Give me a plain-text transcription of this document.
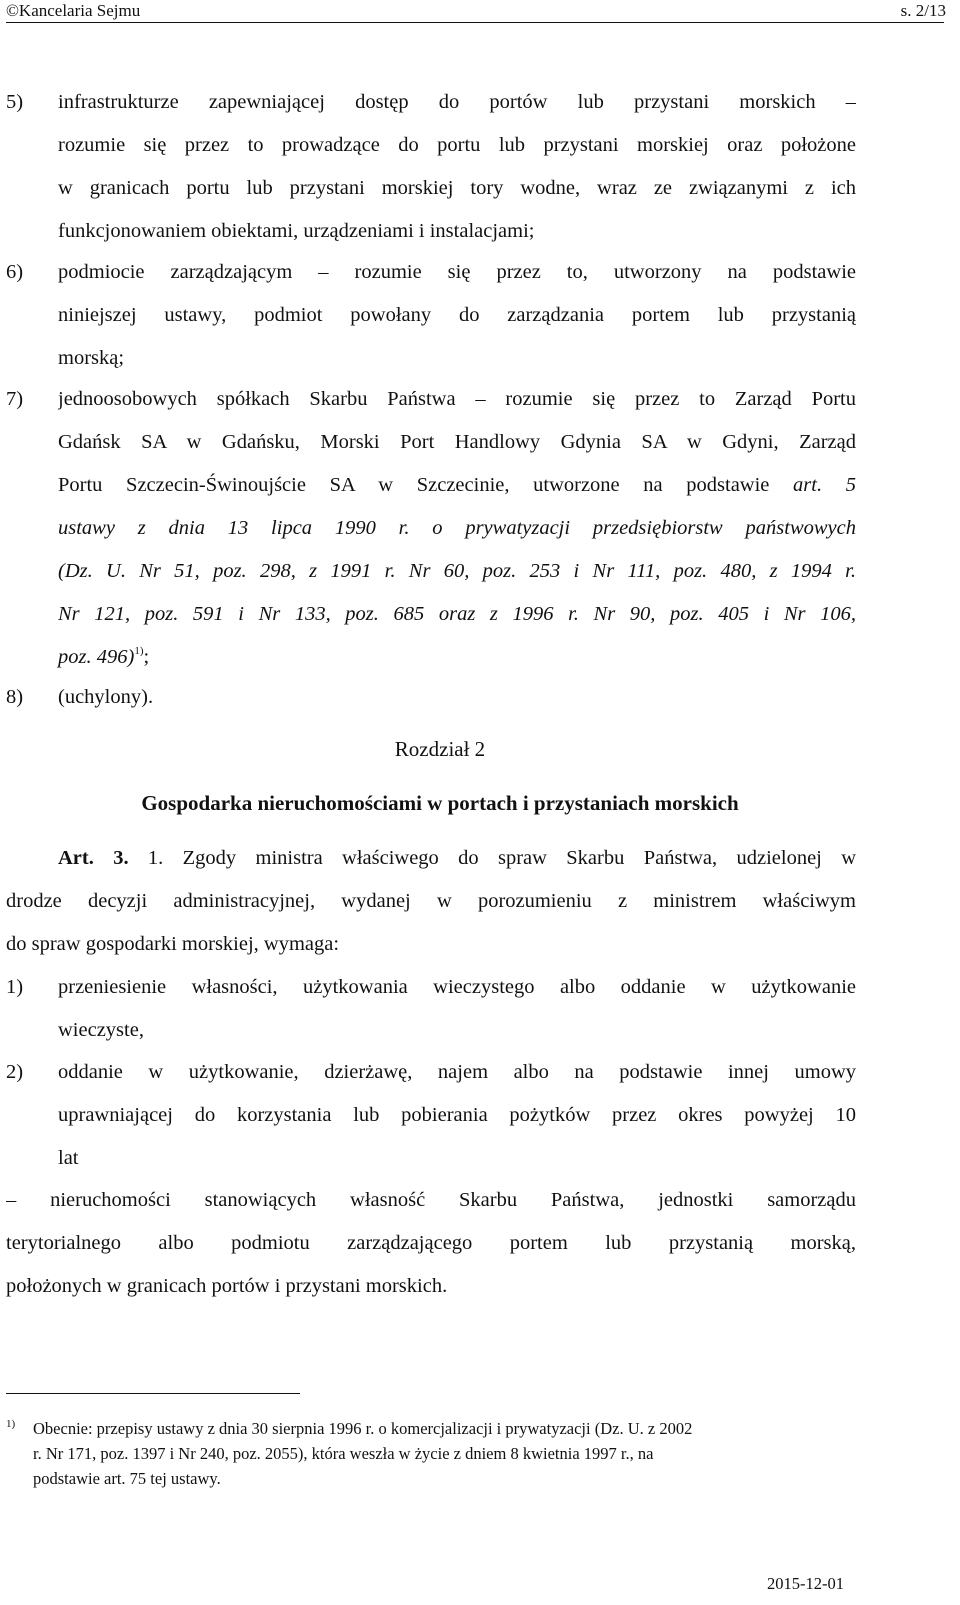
©Kancelaria Sejmu	s. 2/13
5) infrastrukturze zapewniającej dostęp do portów lub przystani morskich –
rozumie się przez to prowadzące do portu lub przystani morskiej oraz położone
w granicach portu lub przystani morskiej tory wodne, wraz ze związanymi z ich
funkcjonowaniem obiektami, urządzeniami i instalacjami;
6) podmiocie zarządzającym – rozumie się przez to, utworzony na podstawie
niniejszej ustawy, podmiot powołany do zarządzania portem lub przystanią
morską;
7) jednoosobowych spółkach Skarbu Państwa – rozumie się przez to Zarząd Portu
Gdańsk SA w Gdańsku, Morski Port Handlowy Gdynia SA w Gdyni, Zarząd
Portu Szczecin-Świnoujście SA w Szczecinie, utworzone na podstawie art. 5
ustawy z dnia 13 lipca 1990 r. o prywatyzacji przedsiębiorstw państwowych
(Dz. U. Nr 51, poz. 298, z 1991 r. Nr 60, poz. 253 i Nr 111, poz. 480, z 1994 r.
Nr 121, poz. 591 i Nr 133, poz. 685 oraz z 1996 r. Nr 90, poz. 405 i Nr 106,
poz. 496)$^{1)}$;
8) (uchylony).
Rozdział 2
Gospodarka nieruchomościami w portach i przystaniach morskich
Art. 3. 1. Zgody ministra właściwego do spraw Skarbu Państwa, udzielonej w
drodze decyzji administracyjnej, wydanej w porozumieniu z ministrem właściwym
do spraw gospodarki morskiej, wymaga:
1) przeniesienie własności, użytkowania wieczystego albo oddanie w użytkowanie
wieczyste,
2) oddanie w użytkowanie, dzierżawę, najem albo na podstawie innej umowy
uprawniającej do korzystania lub pobierania pożytków przez okres powyżej 10
lat
– nieruchomości stanowiących własność Skarbu Państwa, jednostki samorządu
terytorialnego albo podmiotu zarządzającego portem lub przystanią morską,
położonych w granicach portów i przystani morskich.
1) Obecnie: przepisy ustawy z dnia 30 sierpnia 1996 r. o komercjalizacji i prywatyzacji (Dz. U. z 2002
r. Nr 171, poz. 1397 i Nr 240, poz. 2055), która weszła w życie z dniem 8 kwietnia 1997 r., na
podstawie art. 75 tej ustawy.
2015-12-01
